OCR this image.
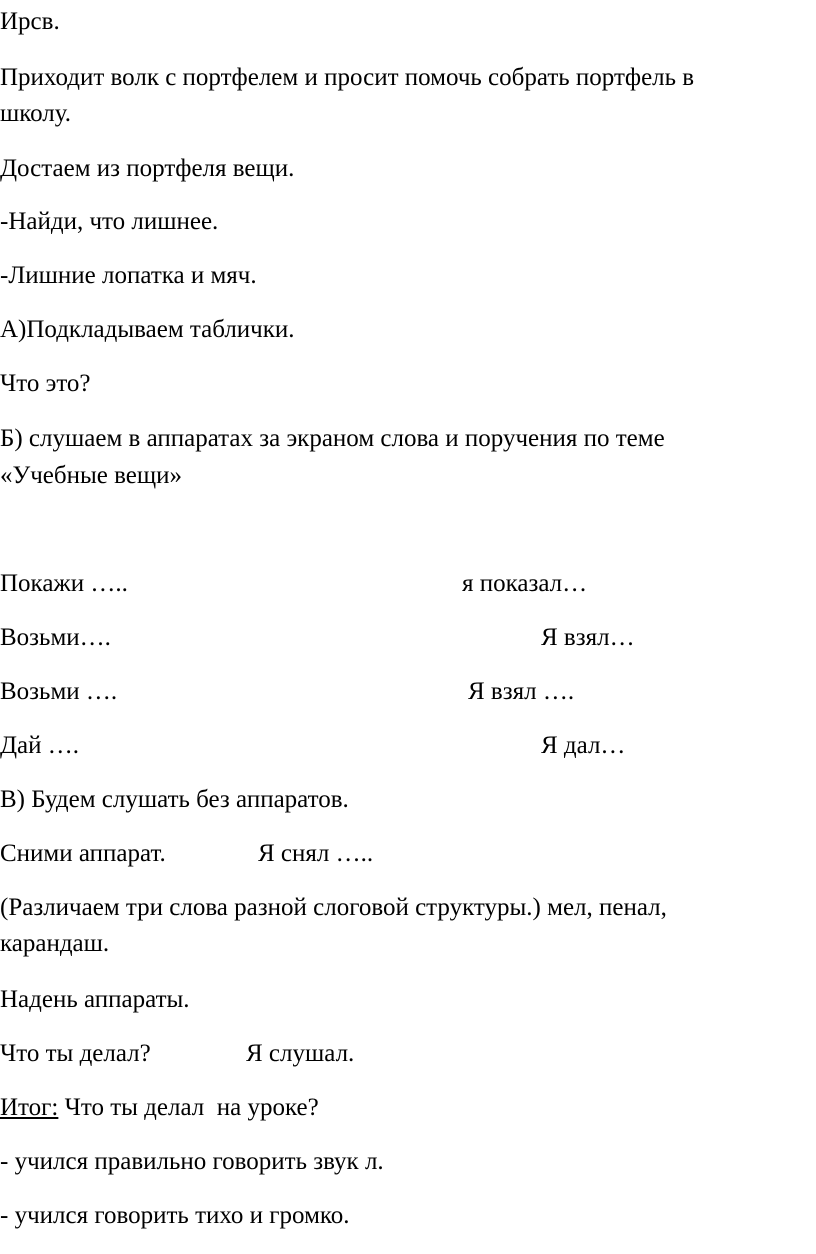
Ирсв.
Приходит волк с портфелем и просит помочь собрать портфель в
школу.
Достаем из портфеля вещи.
-Найди, что лишнее.
-Лишние лопатка и мяч.
А)Подкладываем таблички.
Что это?
Б) слушаем в аппаратах за экраном слова и поручения по теме
«Учебные вещи»
Покажи …..	я показал…
Возьми….	Я взял…
Возьми ….	Я взял ….
Дай ….	Я дал…
В) Будем слушать без аппаратов.
Сними аппарат.	Я снял …..
(Различаем три слова разной слоговой структуры.) мел, пенал,
карандаш.
Надень аппараты.
Что ты делал?	Я слушал.
Итог: Что ты делал  на уроке?
- учился правильно говорить звук л.
- учился говорить тихо и громко.
